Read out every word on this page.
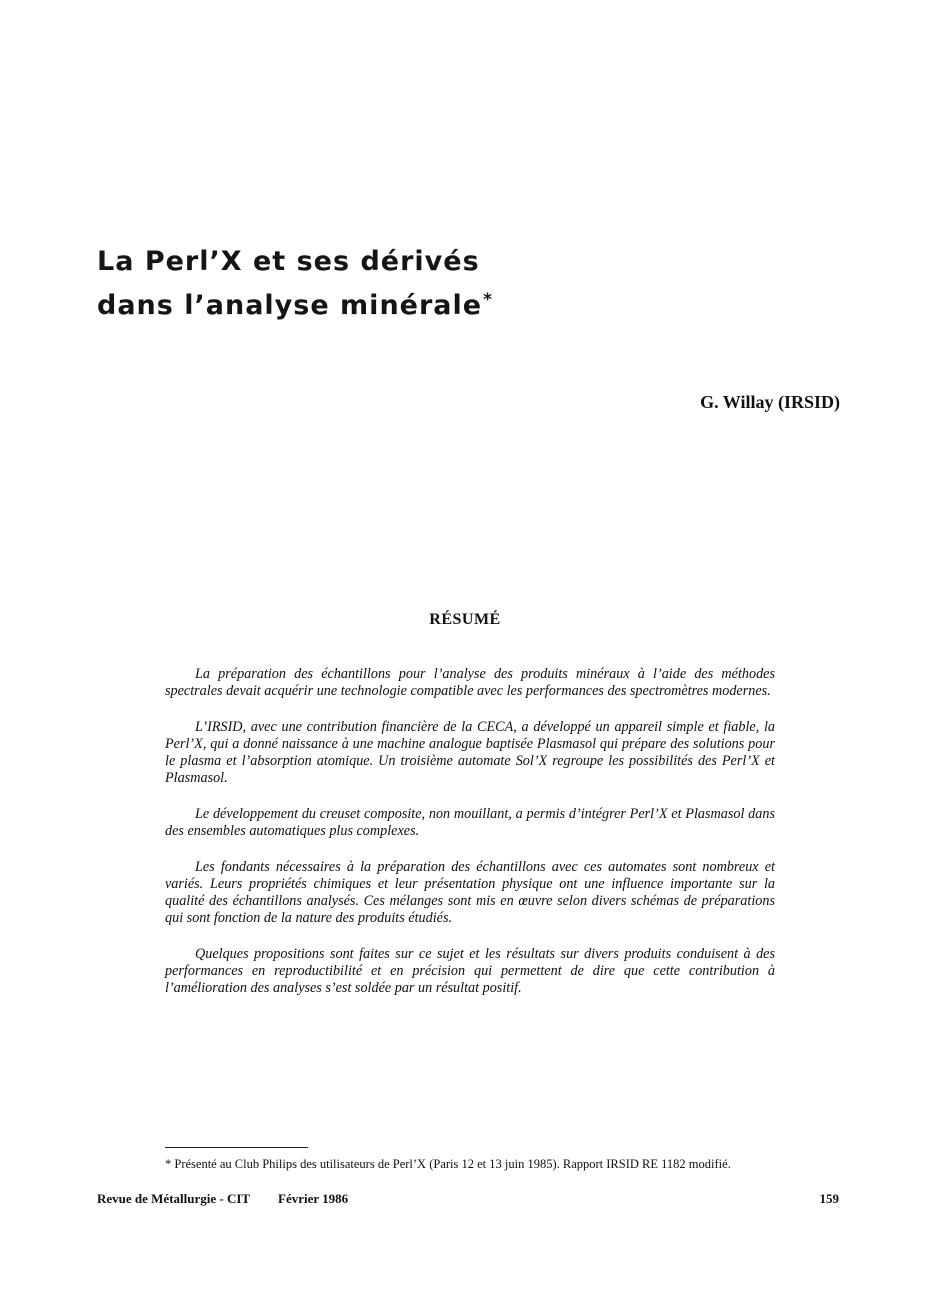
La Perl’X et ses dérivés
dans l’analyse minérale*

G. Willay (IRSID)

RÉSUMÉ

La préparation des échantillons pour l’analyse des produits minéraux à l’aide des méthodes spectrales devait acquérir une technologie compatible avec les performances des spectromètres modernes.

L’IRSID, avec une contribution financière de la CECA, a développé un appareil simple et fiable, la Perl’X, qui a donné naissance à une machine analogue baptisée Plasmasol qui prépare des solutions pour le plasma et l’absorption atomique. Un troisième automate Sol’X regroupe les possibilités des Perl’X et Plasmasol.

Le développement du creuset composite, non mouillant, a permis d’intégrer Perl’X et Plasmasol dans des ensembles automatiques plus complexes.

Les fondants nécessaires à la préparation des échantillons avec ces automates sont nombreux et variés. Leurs propriétés chimiques et leur présentation physique ont une influence importante sur la qualité des échantillons analysés. Ces mélanges sont mis en œuvre selon divers schémas de préparations qui sont fonction de la nature des produits étudiés.

Quelques propositions sont faites sur ce sujet et les résultats sur divers produits conduisent à des performances en reproductibilité et en précision qui permettent de dire que cette contribution à l’amélioration des analyses s’est soldée par un résultat positif.

* Présenté au Club Philips des utilisateurs de Perl’X (Paris 12 et 13 juin 1985). Rapport IRSID RE 1182 modifié.

Revue de Métallurgie - CIT Février 1986	159
